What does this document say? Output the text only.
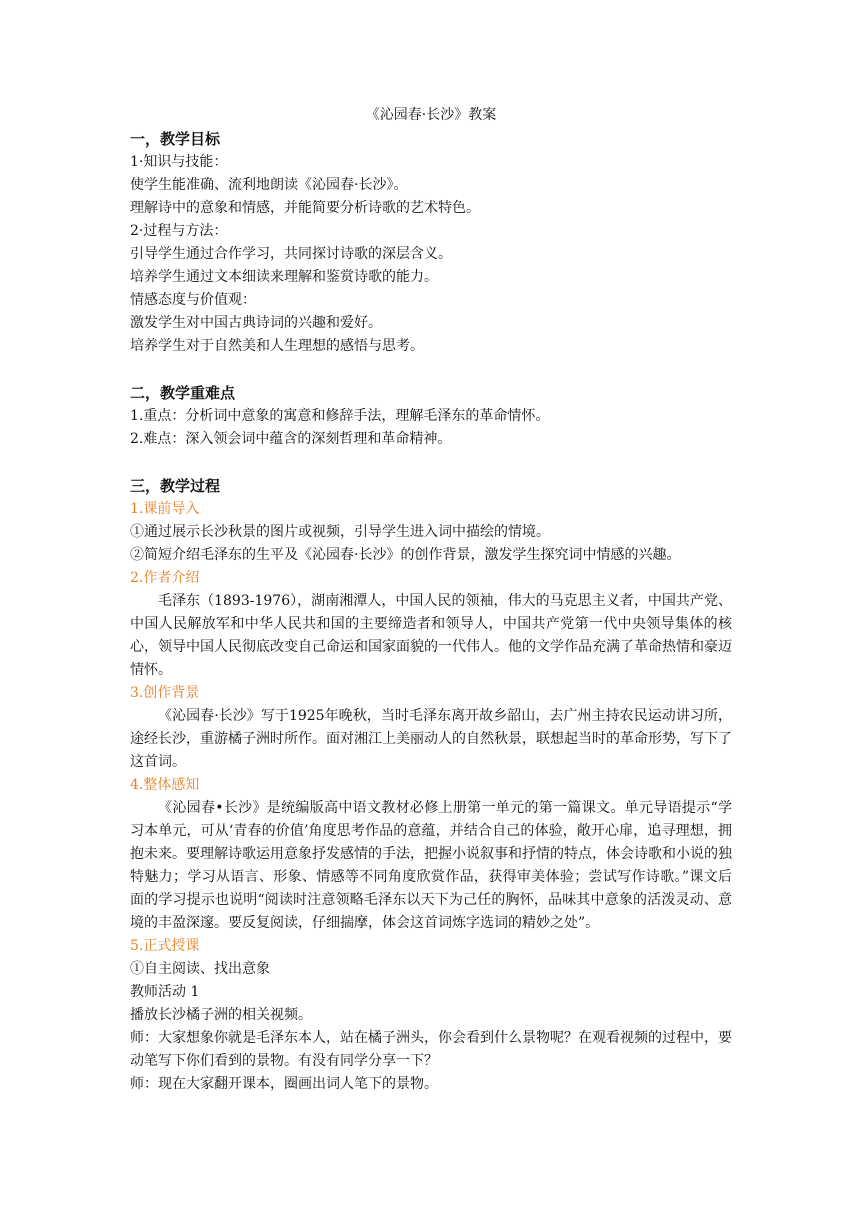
《沁园春·长沙》教案

一，教学目标

1·知识与技能：

使学生能准确、流利地朗读《沁园春·长沙》。

理解诗中的意象和情感，并能简要分析诗歌的艺术特色。

2·过程与方法：

引导学生通过合作学习，共同探讨诗歌的深层含义。

培养学生通过文本细读来理解和鉴赏诗歌的能力。

情感态度与价值观：

激发学生对中国古典诗词的兴趣和爱好。

培养学生对于自然美和人生理想的感悟与思考。

二，教学重难点

1.重点：分析词中意象的寓意和修辞手法，理解毛泽东的革命情怀。

2.难点：深入领会词中蕴含的深刻哲理和革命精神。

三，教学过程

1.课前导入

①通过展示长沙秋景的图片或视频，引导学生进入词中描绘的情境。

②简短介绍毛泽东的生平及《沁园春·长沙》的创作背景，激发学生探究词中情感的兴趣。

2.作者介绍

毛泽东（1893-1976），湖南湘潭人，中国人民的领袖，伟大的马克思主义者，中国共产党、中国人民解放军和中华人民共和国的主要缔造者和领导人，中国共产党第一代中央领导集体的核心，领导中国人民彻底改变自己命运和国家面貌的一代伟人。他的文学作品充满了革命热情和豪迈情怀。

3.创作背景

《沁园春·长沙》写于1925年晚秋，当时毛泽东离开故乡韶山，去广州主持农民运动讲习所，途经长沙，重游橘子洲时所作。面对湘江上美丽动人的自然秋景，联想起当时的革命形势，写下了这首词。

4.整体感知

《沁园春•长沙》是统编版高中语文教材必修上册第一单元的第一篇课文。单元导语提示“学习本单元，可从‘青春的价值’角度思考作品的意蕴，并结合自己的体验，敞开心扉，追寻理想，拥抱未来。要理解诗歌运用意象抒发感情的手法，把握小说叙事和抒情的特点，体会诗歌和小说的独特魅力；学习从语言、形象、情感等不同角度欣赏作品，获得审美体验；尝试写作诗歌。”课文后面的学习提示也说明“阅读时注意领略毛泽东以天下为己任的胸怀，品味其中意象的活泼灵动、意境的丰盈深邃。要反复阅读，仔细揣摩，体会这首词炼字选词的精妙之处”。

5.正式授课

①自主阅读、找出意象

教师活动 1

播放长沙橘子洲的相关视频。

师：大家想象你就是毛泽东本人，站在橘子洲头，你会看到什么景物呢？在观看视频的过程中，要动笔写下你们看到的景物。有没有同学分享一下？

师：现在大家翻开课本，圈画出词人笔下的景物。
